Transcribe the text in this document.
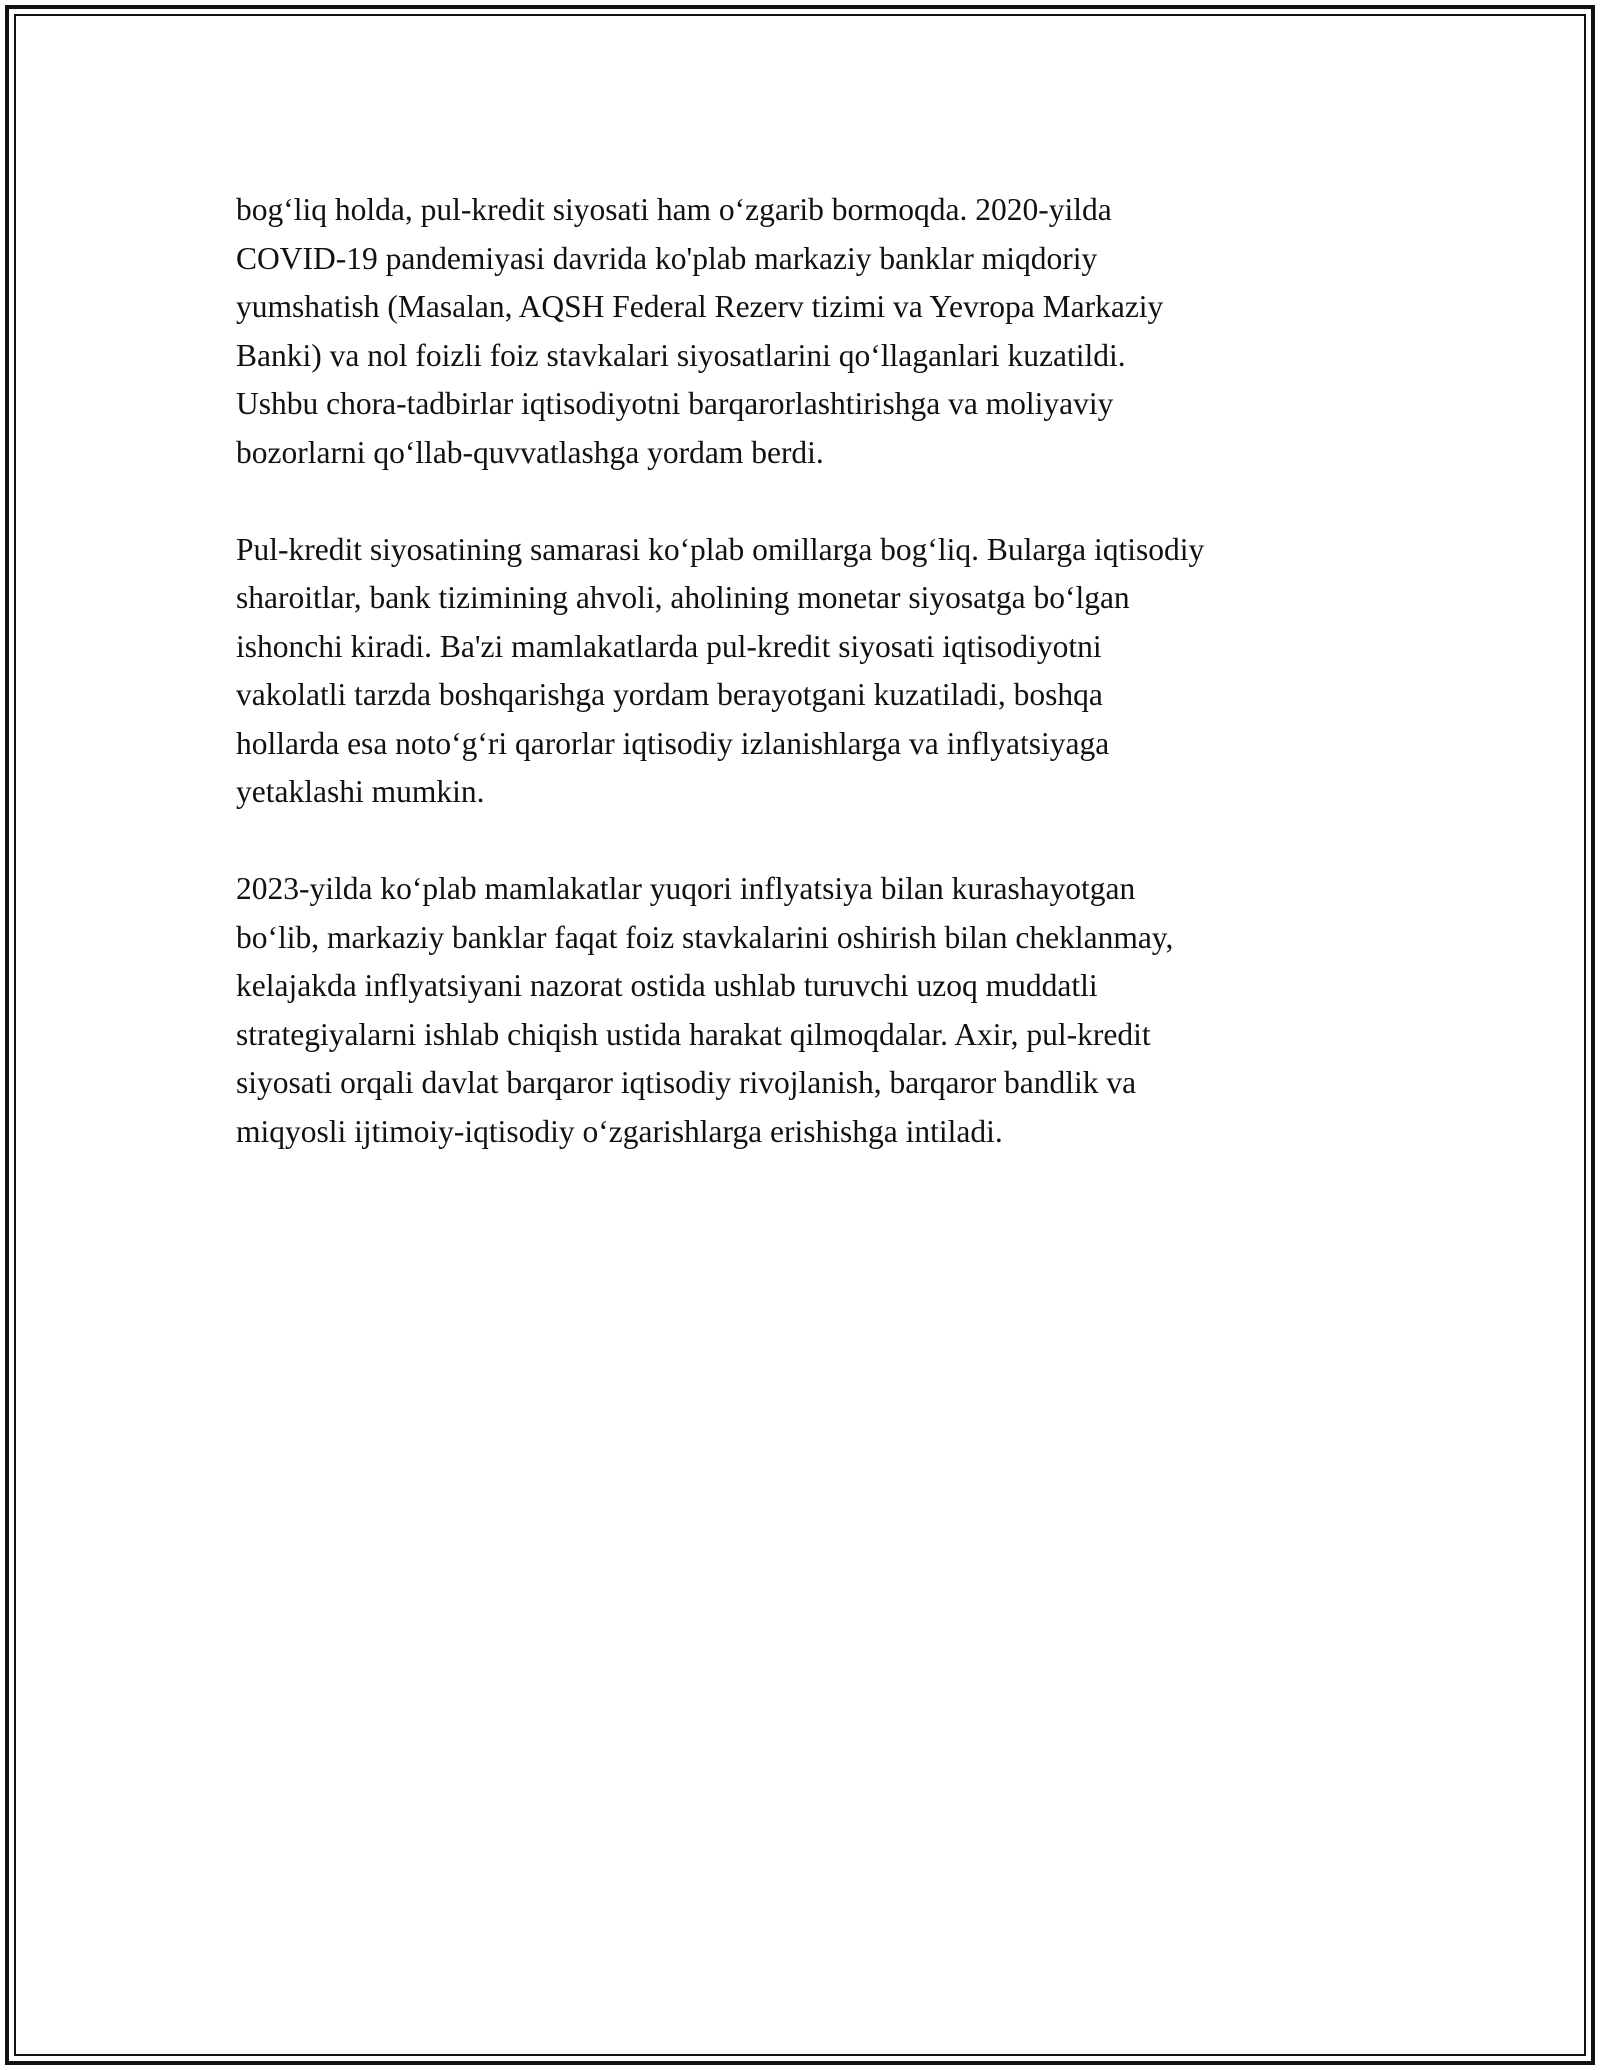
bog‘liq holda, pul-kredit siyosati ham o‘zgarib bormoqda. 2020-yilda
COVID-19 pandemiyasi davrida ko'plab markaziy banklar miqdoriy
yumshatish (Masalan, AQSH Federal Rezerv tizimi va Yevropa Markaziy
Banki) va nol foizli foiz stavkalari siyosatlarini qo‘llaganlari kuzatildi.
Ushbu chora-tadbirlar iqtisodiyotni barqarorlashtirishga va moliyaviy
bozorlarni qo‘llab-quvvatlashga yordam berdi.

Pul-kredit siyosatining samarasi ko‘plab omillarga bog‘liq. Bularga iqtisodiy
sharoitlar, bank tizimining ahvoli, aholining monetar siyosatga bo‘lgan
ishonchi kiradi. Ba'zi mamlakatlarda pul-kredit siyosati iqtisodiyotni
vakolatli tarzda boshqarishga yordam berayotgani kuzatiladi, boshqa
hollarda esa noto‘g‘ri qarorlar iqtisodiy izlanishlarga va inflyatsiyaga
yetaklashi mumkin.

2023-yilda ko‘plab mamlakatlar yuqori inflyatsiya bilan kurashayotgan
bo‘lib, markaziy banklar faqat foiz stavkalarini oshirish bilan cheklanmay,
kelajakda inflyatsiyani nazorat ostida ushlab turuvchi uzoq muddatli
strategiyalarni ishlab chiqish ustida harakat qilmoqdalar. Axir, pul-kredit
siyosati orqali davlat barqaror iqtisodiy rivojlanish, barqaror bandlik va
miqyosli ijtimoiy-iqtisodiy o‘zgarishlarga erishishga intiladi.
